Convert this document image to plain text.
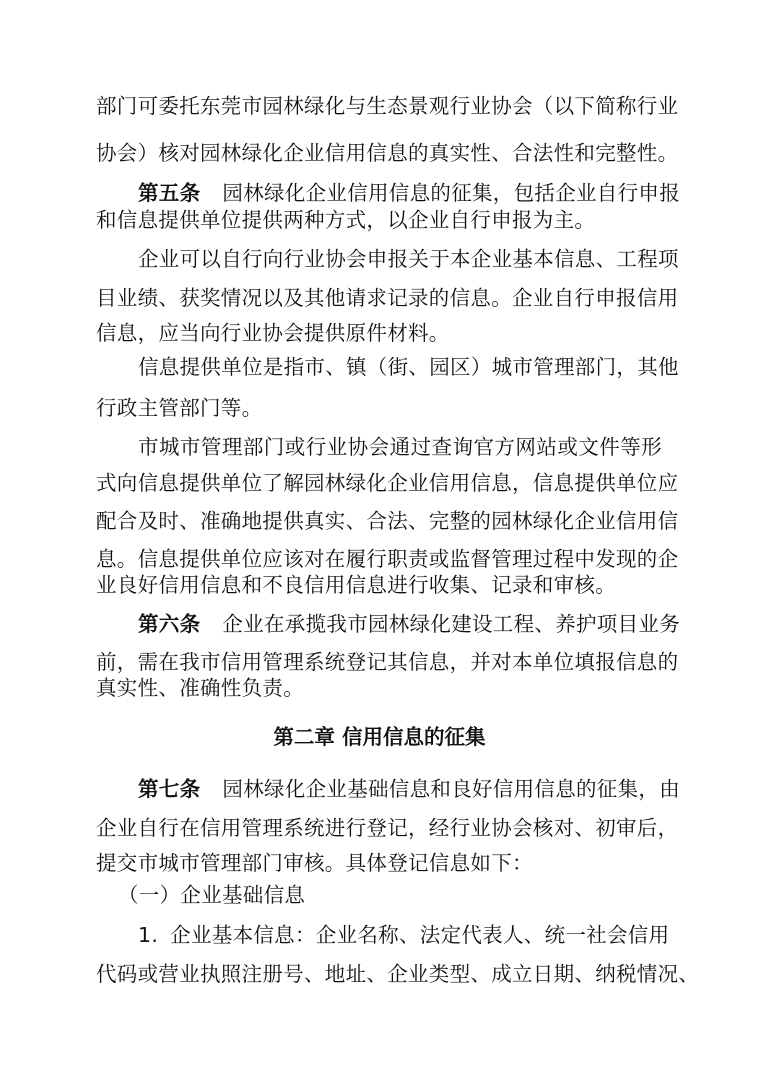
部门可委托东莞市园林绿化与生态景观行业协会（以下简称行业
协会）核对园林绿化企业信用信息的真实性、合法性和完整性。
第五条 园林绿化企业信用信息的征集，包括企业自行申报
和信息提供单位提供两种方式，以企业自行申报为主。
企业可以自行向行业协会申报关于本企业基本信息、工程项
目业绩、获奖情况以及其他请求记录的信息。企业自行申报信用
信息，应当向行业协会提供原件材料。
信息提供单位是指市、镇（街、园区）城市管理部门，其他
行政主管部门等。
市城市管理部门或行业协会通过查询官方网站或文件等形
式向信息提供单位了解园林绿化企业信用信息，信息提供单位应
配合及时、准确地提供真实、合法、完整的园林绿化企业信用信
息。信息提供单位应该对在履行职责或监督管理过程中发现的企
业良好信用信息和不良信用信息进行收集、记录和审核。
第六条 企业在承揽我市园林绿化建设工程、养护项目业务
前，需在我市信用管理系统登记其信息，并对本单位填报信息的
真实性、准确性负责。
第二章 信用信息的征集
第七条 园林绿化企业基础信息和良好信用信息的征集，由
企业自行在信用管理系统进行登记，经行业协会核对、初审后，
提交市城市管理部门审核。具体登记信息如下：
（一）企业基础信息
1. 企业基本信息：企业名称、法定代表人、统一社会信用
代码或营业执照注册号、地址、企业类型、成立日期、纳税情况、
